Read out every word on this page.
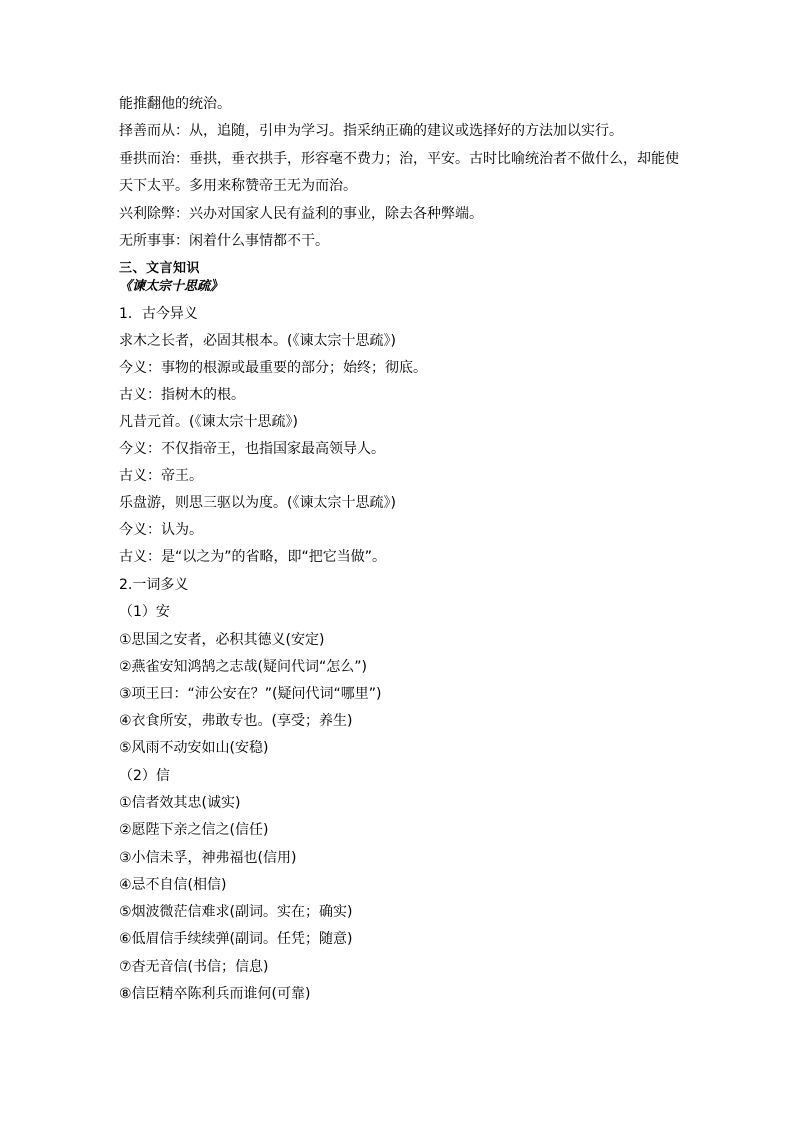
能推翻他的统治。
择善而从：从，追随，引申为学习。指采纳正确的建议或选择好的方法加以实行。
垂拱而治：垂拱，垂衣拱手，形容毫不费力；治，平安。古时比喻统治者不做什么，却能使
天下太平。多用来称赞帝王无为而治。
兴利除弊：兴办对国家人民有益利的事业，除去各种弊端。
无所事事：闲着什么事情都不干。
三、文言知识
《谏太宗十思疏》
1．古今异义
求木之长者，必固其根本。(《谏太宗十思疏》)
今义：事物的根源或最重要的部分；始终；彻底。
古义：指树木的根。
凡昔元首。(《谏太宗十思疏》)
今义：不仅指帝王，也指国家最高领导人。
古义：帝王。
乐盘游，则思三驱以为度。(《谏太宗十思疏》)
今义：认为。
古义：是“以之为”的省略，即“把它当做”。
2.一词多义
（1）安
①思国之安者，必积其德义(安定)
②燕雀安知鸿鹄之志哉(疑问代词“怎么”)
③项王曰：“沛公安在？”(疑问代词“哪里”)
④衣食所安，弗敢专也。(享受；养生)
⑤风雨不动安如山(安稳)
（2）信
①信者效其忠(诚实)
②愿陛下亲之信之(信任)
③小信未孚，神弗福也(信用)
④忌不自信(相信)
⑤烟波微茫信难求(副词。实在；确实)
⑥低眉信手续续弹(副词。任凭；随意)
⑦杳无音信(书信；信息)
⑧信臣精卒陈利兵而谁何(可靠)
